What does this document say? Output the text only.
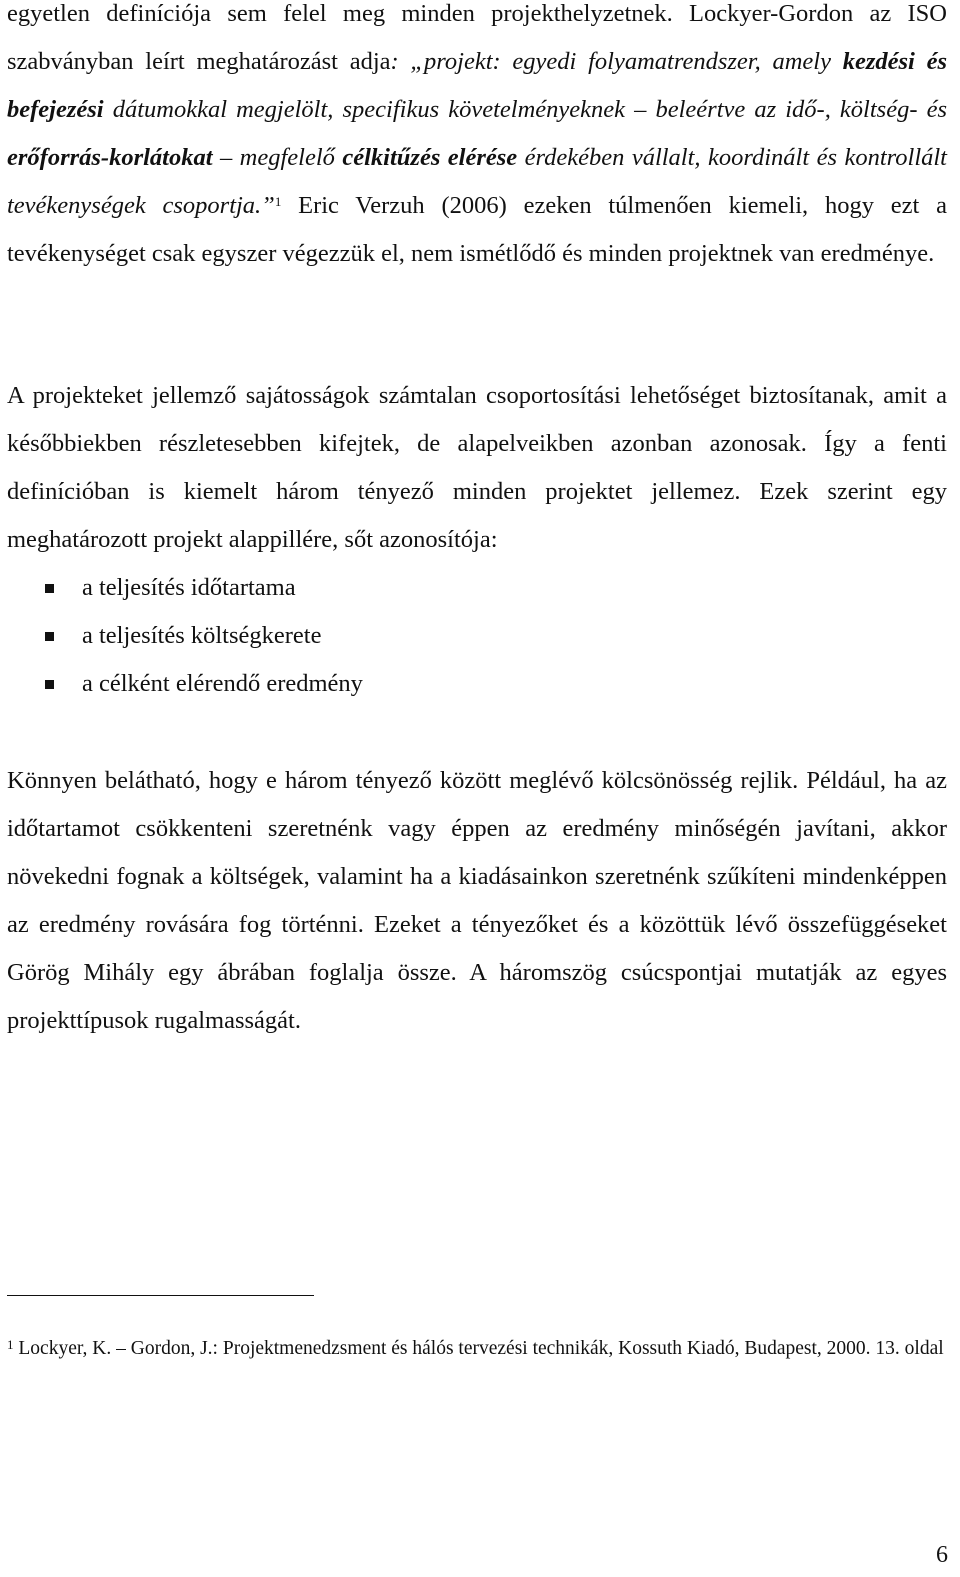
egyetlen definíciója sem felel meg minden projekthelyzetnek. Lockyer-Gordon az ISO szabványban leírt meghatározást adja: „projekt: egyedi folyamatrendszer, amely kezdési és befejezési dátumokkal megjelölt, specifikus követelményeknek – beleértve az idő-, költség- és erőforrás-korlátokat – megfelelő célkitűzés elérése érdekében vállalt, koordinált és kontrollált tevékenységek csoportja.”$^1$ Eric Verzuh (2006) ezeken túlmenően kiemeli, hogy ezt a tevékenységet csak egyszer végezzük el, nem ismétlődő és minden projektnek van eredménye.

A projekteket jellemző sajátosságok számtalan csoportosítási lehetőséget biztosítanak, amit a későbbiekben részletesebben kifejtek, de alapelveikben azonban azonosak. Így a fenti definícióban is kiemelt három tényező minden projektet jellemez. Ezek szerint egy meghatározott projekt alappillére, sőt azonosítója:

a teljesítés időtartama
a teljesítés költségkerete
a célként elérendő eredmény

Könnyen belátható, hogy e három tényező között meglévő kölcsönösség rejlik. Például, ha az időtartamot csökkenteni szeretnénk vagy éppen az eredmény minőségén javítani, akkor növekedni fognak a költségek, valamint ha a kiadásainkon szeretnénk szűkíteni mindenképpen az eredmény rovására fog történni. Ezeket a tényezőket és a közöttük lévő összefüggéseket Görög Mihály egy ábrában foglalja össze. A háromszög csúcspontjai mutatják az egyes projekttípusok rugalmasságát.

$^1$ Lockyer, K. – Gordon, J.: Projektmenedzsment és hálós tervezési technikák, Kossuth Kiadó, Budapest, 2000. 13. oldal

6
